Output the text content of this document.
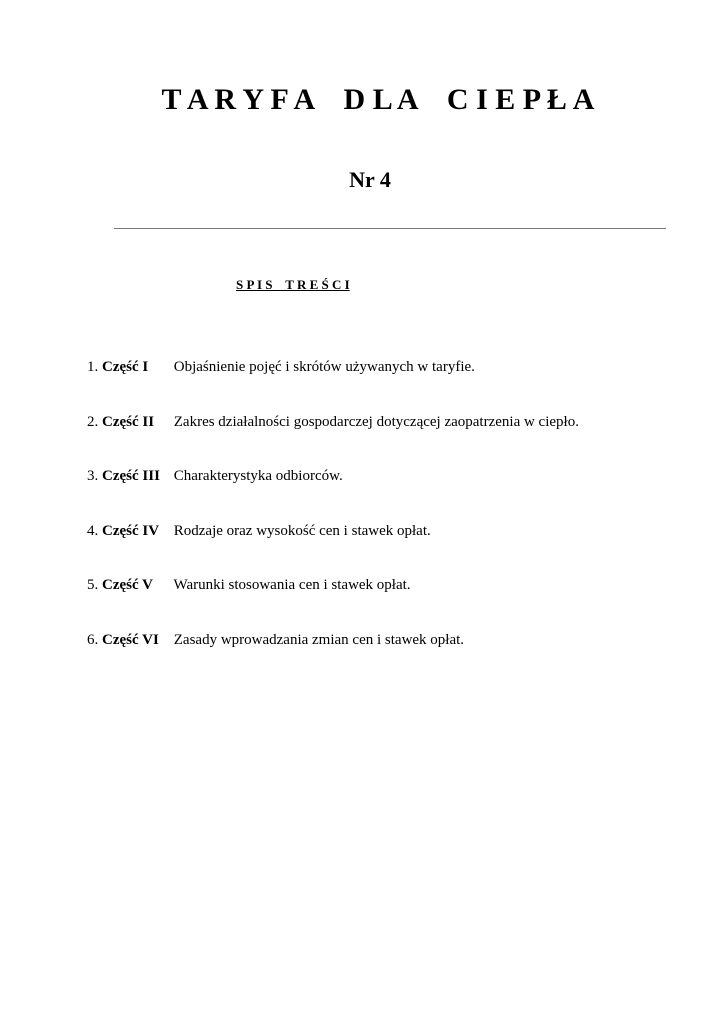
T A R Y F A    D L A    C I E P Ł A
Nr 4
S P I S    T R E Ś C I
1. Część I Objaśnienie pojęć i skrótów używanych w taryfie.
2. Część II Zakres działalności gospodarczej dotyczącej zaopatrzenia w ciepło.
3. Część III Charakterystyka odbiorców.
4. Część IV Rodzaje oraz wysokość cen i stawek opłat.
5. Część V Warunki stosowania cen i stawek opłat.
6. Część VI Zasady wprowadzania zmian cen i stawek opłat.
